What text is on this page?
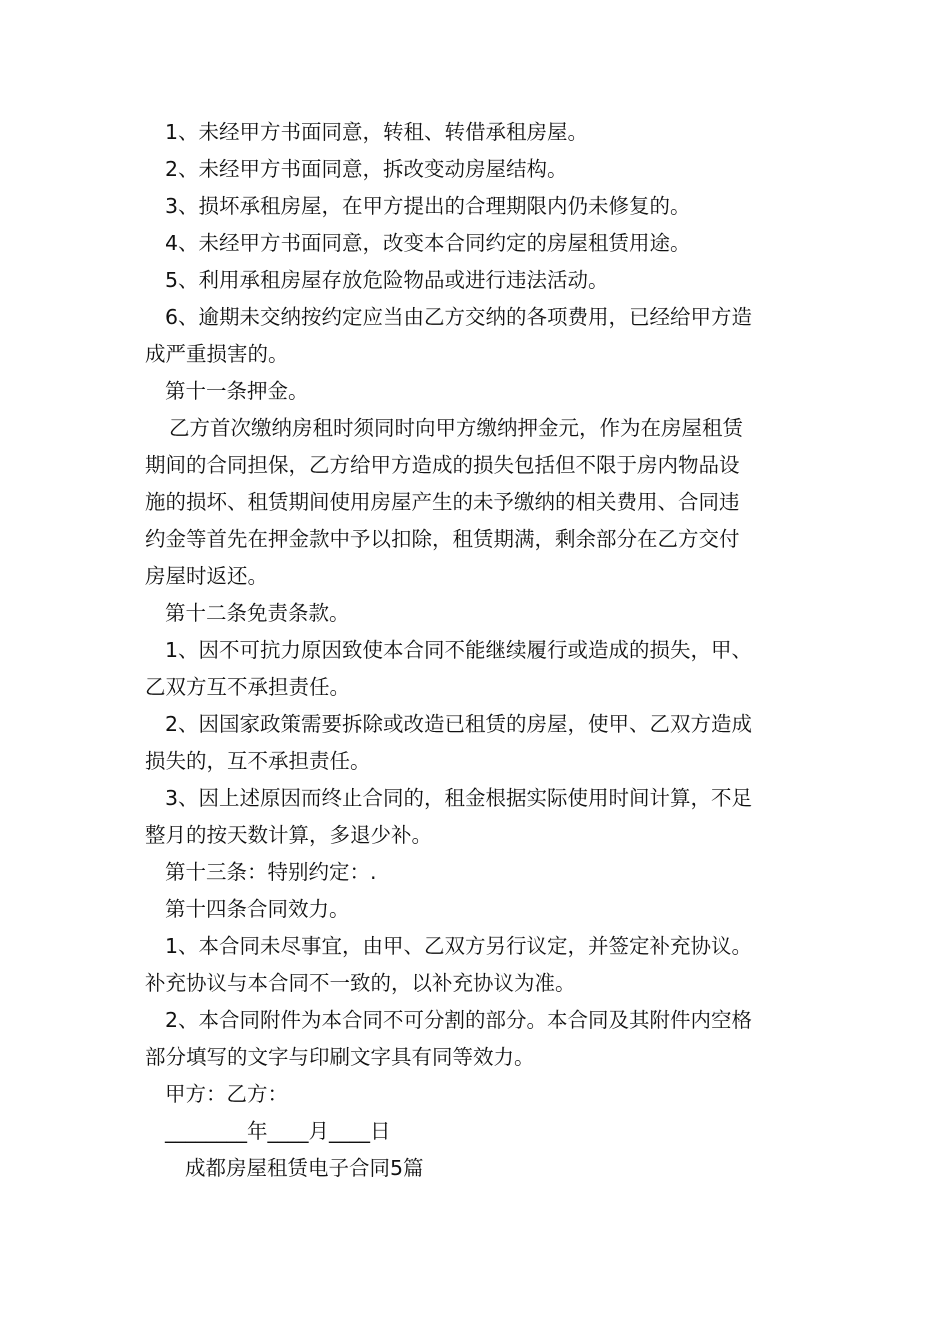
1、未经甲方书面同意，转租、转借承租房屋。
2、未经甲方书面同意，拆改变动房屋结构。
3、损坏承租房屋，在甲方提出的合理期限内仍未修复的。
4、未经甲方书面同意，改变本合同约定的房屋租赁用途。
5、利用承租房屋存放危险物品或进行违法活动。
6、逾期未交纳按约定应当由乙方交纳的各项费用，已经给甲方造
成严重损害的。
第十一条押金。
乙方首次缴纳房租时须同时向甲方缴纳押金元，作为在房屋租赁
期间的合同担保，乙方给甲方造成的损失包括但不限于房内物品设
施的损坏、租赁期间使用房屋产生的未予缴纳的相关费用、合同违
约金等首先在押金款中予以扣除，租赁期满，剩余部分在乙方交付
房屋时返还。
第十二条免责条款。
1、因不可抗力原因致使本合同不能继续履行或造成的损失，甲、
乙双方互不承担责任。
2、因国家政策需要拆除或改造已租赁的房屋，使甲、乙双方造成
损失的，互不承担责任。
3、因上述原因而终止合同的，租金根据实际使用时间计算，不足
整月的按天数计算，多退少补。
第十三条：特别约定：.
第十四条合同效力。
1、本合同未尽事宜，由甲、乙双方另行议定，并签定补充协议。
补充协议与本合同不一致的，以补充协议为准。
2、本合同附件为本合同不可分割的部分。本合同及其附件内空格
部分填写的文字与印刷文字具有同等效力。
甲方：乙方：
________年____月____日
成都房屋租赁电子合同5篇
